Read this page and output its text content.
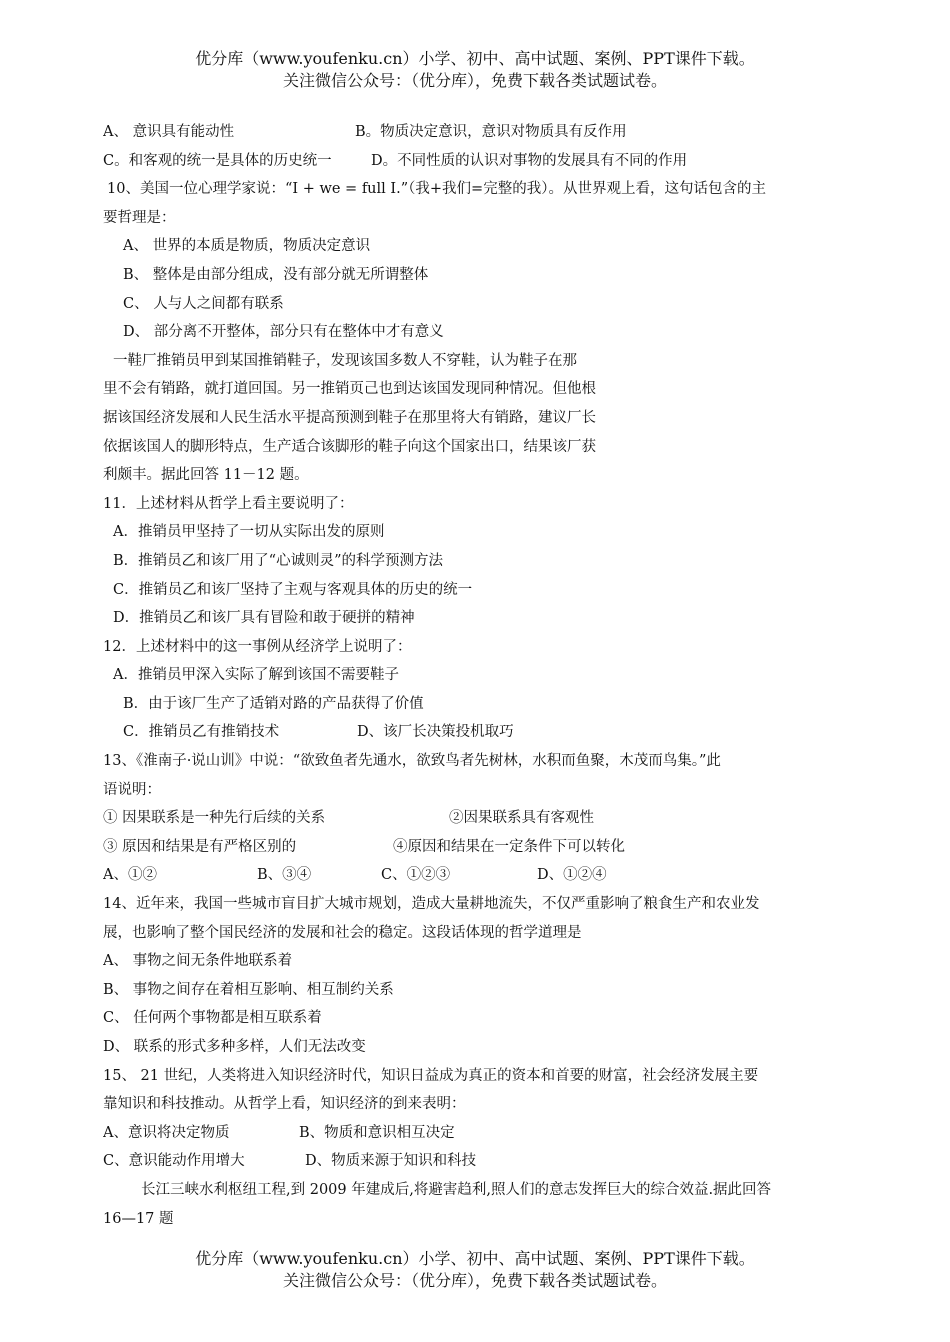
优分库（www.youfenku.cn）小学、初中、高中试题、案例、PPT课件下载。
关注微信公众号：（优分库），免费下载各类试题试卷。
A、 意识具有能动性	B。物质决定意识，意识对物质具有反作用
C。和客观的统一是具体的历史统一	D。不同性质的认识对事物的发展具有不同的作用
10、美国一位心理学家说：“I + we = full I.”（我+我们=完整的我）。从世界观上看，这句话包含的主
要哲理是：
A、 世界的本质是物质，物质决定意识
B、 整体是由部分组成，没有部分就无所谓整体
C、 人与人之间都有联系
D、 部分离不开整体，部分只有在整体中才有意义
一鞋厂推销员甲到某国推销鞋子，发现该国多数人不穿鞋，认为鞋子在那
里不会有销路，就打道回国。另一推销页己也到达该国发现同种情况。但他根
据该国经济发展和人民生活水平提高预测到鞋子在那里将大有销路，建议厂长
依据该国人的脚形特点，生产适合该脚形的鞋子向这个国家出口，结果该厂获
利颇丰。据此回答 11－12 题。
11．上述材料从哲学上看主要说明了：
A．推销员甲坚持了一切从实际出发的原则
B．推销员乙和该厂用了“心诚则灵”的科学预测方法
C．推销员乙和该厂坚持了主观与客观具体的历史的统一
D．推销员乙和该厂具有冒险和敢于硬拼的精神
12．上述材料中的这一事例从经济学上说明了：
A．推销员甲深入实际了解到该国不需要鞋子
B．由于该厂生产了适销对路的产品获得了价值
C．推销员乙有推销技术	D、该厂长决策投机取巧
13、《淮南子·说山训》中说：“欲致鱼者先通水，欲致鸟者先树林，水积而鱼聚，木茂而鸟集。”此
语说明：
① 因果联系是一种先行后续的关系	②因果联系具有客观性
③ 原因和结果是有严格区别的	④原因和结果在一定条件下可以转化
A、①②	B、③④	C、①②③	D、①②④
14、近年来，我国一些城市盲目扩大城市规划，造成大量耕地流失，不仅严重影响了粮食生产和农业发
展，也影响了整个国民经济的发展和社会的稳定。这段话体现的哲学道理是
A、 事物之间无条件地联系着
B、 事物之间存在着相互影响、相互制约关系
C、 任何两个事物都是相互联系着
D、 联系的形式多种多样，人们无法改变
15、 21 世纪，人类将进入知识经济时代，知识日益成为真正的资本和首要的财富，社会经济发展主要
靠知识和科技推动。从哲学上看，知识经济的到来表明：
A、意识将决定物质	B、物质和意识相互决定
C、意识能动作用增大	D、物质来源于知识和科技
长江三峡水利枢纽工程,到 2009 年建成后,将避害趋利,照人们的意志发挥巨大的综合效益.据此回答
16—17 题
优分库（www.youfenku.cn）小学、初中、高中试题、案例、PPT课件下载。
关注微信公众号：（优分库），免费下载各类试题试卷。
